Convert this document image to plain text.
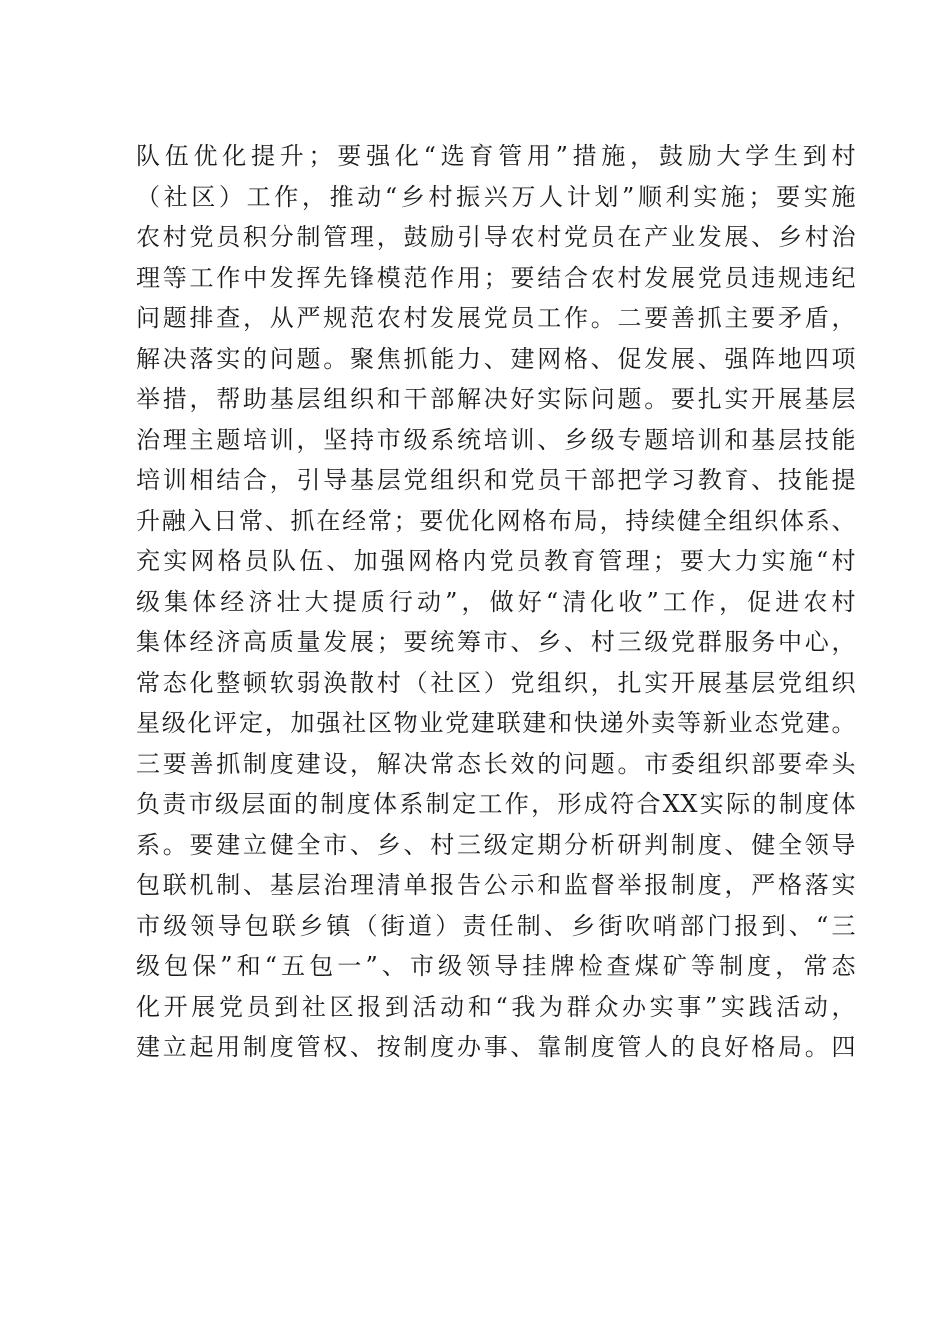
队伍优化提升；要强化“选育管用”措施，鼓励大学生到村
（社区）工作，推动“乡村振兴万人计划”顺利实施；要实施
农村党员积分制管理，鼓励引导农村党员在产业发展、乡村治
理等工作中发挥先锋模范作用；要结合农村发展党员违规违纪
问题排查，从严规范农村发展党员工作。二要善抓主要矛盾，
解决落实的问题。聚焦抓能力、建网格、促发展、强阵地四项
举措，帮助基层组织和干部解决好实际问题。要扎实开展基层
治理主题培训，坚持市级系统培训、乡级专题培训和基层技能
培训相结合，引导基层党组织和党员干部把学习教育、技能提
升融入日常、抓在经常；要优化网格布局，持续健全组织体系、
充实网格员队伍、加强网格内党员教育管理；要大力实施“村
级集体经济壮大提质行动”，做好“清化收”工作，促进农村
集体经济高质量发展；要统筹市、乡、村三级党群服务中心，
常态化整顿软弱涣散村（社区）党组织，扎实开展基层党组织
星级化评定，加强社区物业党建联建和快递外卖等新业态党建。
三要善抓制度建设，解决常态长效的问题。市委组织部要牵头
负责市级层面的制度体系制定工作，形成符合XX实际的制度体
系。要建立健全市、乡、村三级定期分析研判制度、健全领导
包联机制、基层治理清单报告公示和监督举报制度，严格落实
市级领导包联乡镇（街道）责任制、乡街吹哨部门报到、“三
级包保”和“五包一”、市级领导挂牌检查煤矿等制度，常态
化开展党员到社区报到活动和“我为群众办实事”实践活动，
建立起用制度管权、按制度办事、靠制度管人的良好格局。四
